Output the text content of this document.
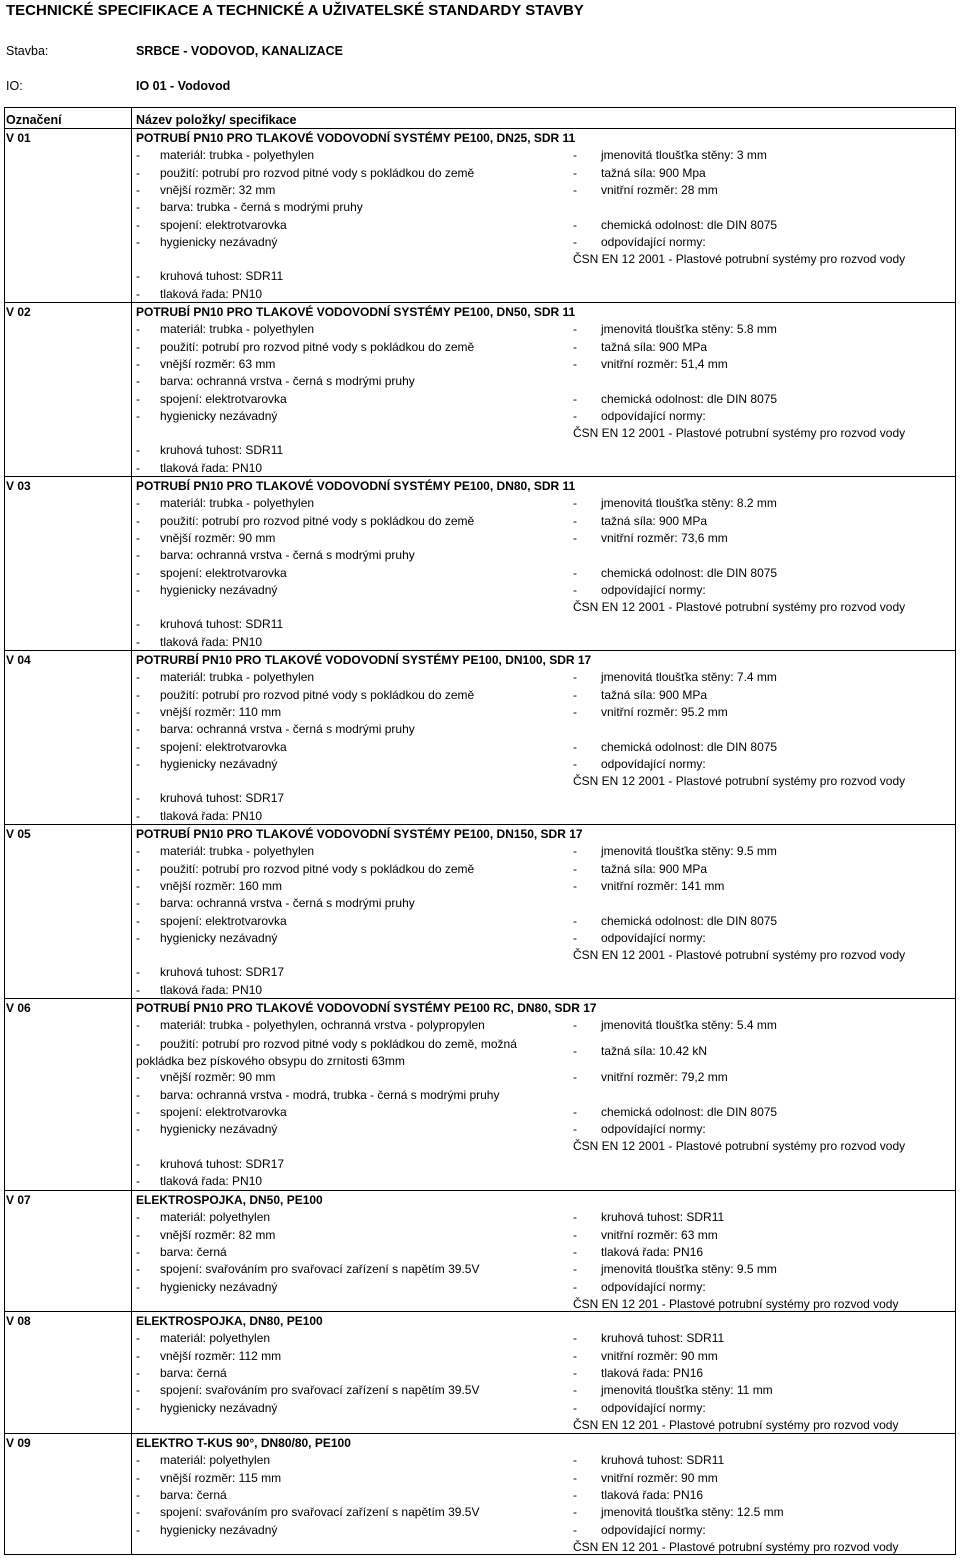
TECHNICKÉ SPECIFIKACE A TECHNICKÉ A UŽIVATELSKÉ STANDARDY STAVBY
Stavba:	SRBCE - VODOVOD, KANALIZACE
IO:	IO 01 - Vodovod
Označení	Název položky/ specifikace
V 01	POTRUBÍ PN10 PRO TLAKOVÉ VODOVODNÍ SYSTÉMY PE100, DN25, SDR 11
- materiál: trubka - polyethylen
- použití: potrubí pro rozvod pitné vody s pokládkou do země
- vnější rozměr: 32 mm
- barva: trubka - černá s modrými pruhy
- spojení: elektrotvarovka
- hygienicky nezávadný
- kruhová tuhost: SDR11
- tlaková řada: PN10
- jmenovitá tloušťka stěny: 3 mm
- tažná síla: 900 Mpa
- vnitřní rozměr: 28 mm
- chemická odolnost: dle DIN 8075
- odpovídající normy:
ČSN EN 12 2001 - Plastové potrubní systémy pro rozvod vody
V 02	POTRUBÍ PN10 PRO TLAKOVÉ VODOVODNÍ SYSTÉMY PE100, DN50, SDR 11
- materiál: trubka - polyethylen
- použití: potrubí pro rozvod pitné vody s pokládkou do země
- vnější rozměr: 63 mm
- barva: ochranná vrstva - černá s modrými pruhy
- spojení: elektrotvarovka
- hygienicky nezávadný
- kruhová tuhost: SDR11
- tlaková řada: PN10
- jmenovitá tloušťka stěny: 5.8 mm
- tažná síla: 900 MPa
- vnitřní rozměr: 51,4 mm
- chemická odolnost: dle DIN 8075
- odpovídající normy:
ČSN EN 12 2001 - Plastové potrubní systémy pro rozvod vody
V 03	POTRUBÍ PN10 PRO TLAKOVÉ VODOVODNÍ SYSTÉMY PE100, DN80, SDR 11
- materiál: trubka - polyethylen
- použití: potrubí pro rozvod pitné vody s pokládkou do země
- vnější rozměr: 90 mm
- barva: ochranná vrstva - černá s modrými pruhy
- spojení: elektrotvarovka
- hygienicky nezávadný
- kruhová tuhost: SDR11
- tlaková řada: PN10
- jmenovitá tloušťka stěny: 8.2 mm
- tažná síla: 900 MPa
- vnitřní rozměr: 73,6 mm
- chemická odolnost: dle DIN 8075
- odpovídající normy:
ČSN EN 12 2001 - Plastové potrubní systémy pro rozvod vody
V 04	POTRURBÍ PN10 PRO TLAKOVÉ VODOVODNÍ SYSTÉMY PE100, DN100, SDR 17
- materiál: trubka - polyethylen
- použití: potrubí pro rozvod pitné vody s pokládkou do země
- vnější rozměr: 110 mm
- barva: ochranná vrstva - černá s modrými pruhy
- spojení: elektrotvarovka
- hygienicky nezávadný
- kruhová tuhost: SDR17
- tlaková řada: PN10
- jmenovitá tloušťka stěny: 7.4 mm
- tažná síla: 900 MPa
- vnitřní rozměr: 95.2 mm
- chemická odolnost: dle DIN 8075
- odpovídající normy:
ČSN EN 12 2001 - Plastové potrubní systémy pro rozvod vody
V 05	POTRUBÍ PN10 PRO TLAKOVÉ VODOVODNÍ SYSTÉMY PE100, DN150, SDR 17
- materiál: trubka - polyethylen
- použití: potrubí pro rozvod pitné vody s pokládkou do země
- vnější rozměr: 160 mm
- barva: ochranná vrstva - černá s modrými pruhy
- spojení: elektrotvarovka
- hygienicky nezávadný
- kruhová tuhost: SDR17
- tlaková řada: PN10
- jmenovitá tloušťka stěny: 9.5 mm
- tažná síla: 900 MPa
- vnitřní rozměr: 141 mm
- chemická odolnost: dle DIN 8075
- odpovídající normy:
ČSN EN 12 2001 - Plastové potrubní systémy pro rozvod vody
V 06	POTRUBÍ PN10 PRO TLAKOVÉ VODOVODNÍ SYSTÉMY PE100 RC, DN80, SDR 17
- materiál: trubka - polyethylen, ochranná vrstva - polypropylen
- použití: potrubí pro rozvod pitné vody s pokládkou do země, možná pokládka bez pískového obsypu do zrnitosti 63mm
- vnější rozměr: 90 mm
- barva: ochranná vrstva - modrá, trubka - černá s modrými pruhy
- spojení: elektrotvarovka
- hygienicky nezávadný
- kruhová tuhost: SDR17
- tlaková řada: PN10
- jmenovitá tloušťka stěny: 5.4 mm
- tažná síla: 10.42 kN
- vnitřní rozměr: 79,2 mm
- chemická odolnost: dle DIN 8075
- odpovídající normy:
ČSN EN 12 2001 - Plastové potrubní systémy pro rozvod vody
V 07	ELEKTROSPOJKA, DN50, PE100
- materiál: polyethylen
- vnější rozměr: 82 mm
- barva: černá
- spojení: svařováním pro svařovací zařízení s napětím 39.5V
- hygienicky nezávadný
- kruhová tuhost: SDR11
- vnitřní rozměr: 63 mm
- tlaková řada: PN16
- jmenovitá tloušťka stěny: 9.5 mm
- odpovídající normy:
ČSN EN 12 201 - Plastové potrubní systémy pro rozvod vody
V 08	ELEKTROSPOJKA, DN80, PE100
- materiál: polyethylen
- vnější rozměr: 112 mm
- barva: černá
- spojení: svařováním pro svařovací zařízení s napětím 39.5V
- hygienicky nezávadný
- kruhová tuhost: SDR11
- vnitřní rozměr: 90 mm
- tlaková řada: PN16
- jmenovitá tloušťka stěny: 11 mm
- odpovídající normy:
ČSN EN 12 201 - Plastové potrubní systémy pro rozvod vody
V 09	ELEKTRO T-KUS 90°, DN80/80, PE100
- materiál: polyethylen
- vnější rozměr: 115 mm
- barva: černá
- spojení: svařováním pro svařovací zařízení s napětím 39.5V
- hygienicky nezávadný
- kruhová tuhost: SDR11
- vnitřní rozměr: 90 mm
- tlaková řada: PN16
- jmenovitá tloušťka stěny: 12.5 mm
- odpovídající normy:
ČSN EN 12 201 - Plastové potrubní systémy pro rozvod vody
